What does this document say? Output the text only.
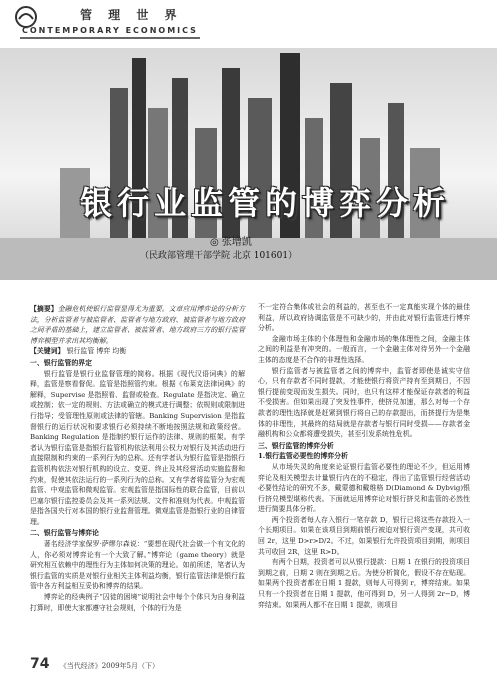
管 理 世 界
CONTEMPORARY ECONOMICS
银行业监管的博弈分析
◎ 张增凯
（民政部管理干部学院 北京 101601）

【摘要】金融危机使银行监管显得尤为重要。文章应用博弈论的分析方法，分析监管者与被监管者、监管者与地方政府、被监管者与地方政府之间矛盾的基础上，建立监管者、被监管者、地方政府三方的银行监管博弈模型并求出其均衡解。

【关键词】 银行监管 博弈 均衡

一、银行监管的界定

银行监管是银行业监督管理的简称。根据《现代汉语词典》的解释，监管是察看督促。监管是指照管约束。根据《布莱克法律词典》的解释，Supervise 是指照看、监督或检查。Regulate 是指决定、确立或控制；依一定的规则、方法或确立的模式进行调整；依规则或限制进行指导；受管理性原则或法律的管辖。Banking Supervision 是指监督银行的运行状况和要求银行必须持续不断地按照法规和政策经营。Banking Regulation 是指制约银行运作的法律、规则的框架。有学者认为银行监管是指银行监管机构依法利用公权力对银行及其活动进行直接限制和约束的一系列行为的总称。还有学者认为银行监管是指银行监管机构依法对银行机构的设立、变更、终止及其经营活动实施监督和约束，促使其依法运行的一系列行为的总称。又有学者将监管分为宏观监管、中观监管和微观监管。宏观监管是指国际性的联合监管，目前以巴塞尔银行监控委员会及其一系列法规、文件和准则为代表。中观监管是指各国央行对本国的银行业监督管理。微观监管是指银行业的自律管理。

二、银行监管与博弈论

著名经济学家保罗·萨缪尔森说：“要想在现代社会做一个有文化的人，你必须对博弈论有一个大致了解。”博弈论（game theory）就是研究相互依赖中的理性行为主体如何决策的理论。如前所述，笔者认为银行监管的实质是对银行业相关主体利益均衡，银行监管法律是银行监管中各方利益相互妥协和博弈的结果。

博弈论的经典例子“囚徒的困境”说明社会中每个个体只为自身利益打算时，即使大家都遵守社会规则，个体的行为是

不一定符合集体或社会的利益的，甚至也不一定真能实现个体的最佳利益，所以政府协调监管是不可缺少的，并由此对银行监管进行博弈分析。

金融市场主体的个体理性和金融市场的集体理性之间，金融主体之间的利益是有冲突的。一般而言，一个金融主体对待另外一个金融主体的态度是不合作的非理性选择。

银行监管者与被监管者之间的博弈中，监管者即使是诚实守信心，只有存款者不同时提款，才能使银行将资产持有至到期日，不因银行提前变现而发生损失。同时，也只有这样才能保证存款者的利益不受损害。但如果出现了突发性事件，使挤兑加速，那么对每一个存款者的理性选择就是赶紧到银行将自己的存款提出，而挤提行为是集体的非理性，其最终的结局就是存款者与银行同时受损——存款者金融机构和公众都将遭受损失，甚至引发系统性危机。

三、银行监管的博弈分析

1.银行监管必要性的博弈分析

从市场失灵的角度来论证银行监管必要性的理论不少，但运用博弈论及相关模型去计量银行内在的不稳定，得出了监管银行经营活动必要性结论的研究不多，戴蒙德和戴维格 D(Diamond & Dybvig)银行挤兑模型堪称代表。下面就运用博弈论对银行挤兑和监管的必然性进行简要具体分析。

两个投资者每人存入银行一笔存款 D，银行已将这些存款投入一个长期项目。如果在该项目到期前银行被迫对银行资产变现，共可收回 2r，这里 D>r>D/2。不过，如果银行允许投资项目到期，则项目共可收回 2R，这里 R>D。

有两个日期，投资者可以从银行提款：日期 1 在银行的投资项目到期之前，日期 2 则在到期之后。为使分析简化，假设不存在贴现。如果两个投资者都在日期 1 提款，则每人可得到 r，博弈结束。如果只有一个投资者在日期 1 提款，他可得到 D，另一人得到 2r−D，博弈结束。如果两人都不在日期 1 提款，则项目

74 《当代经济》2009年5月（下）
